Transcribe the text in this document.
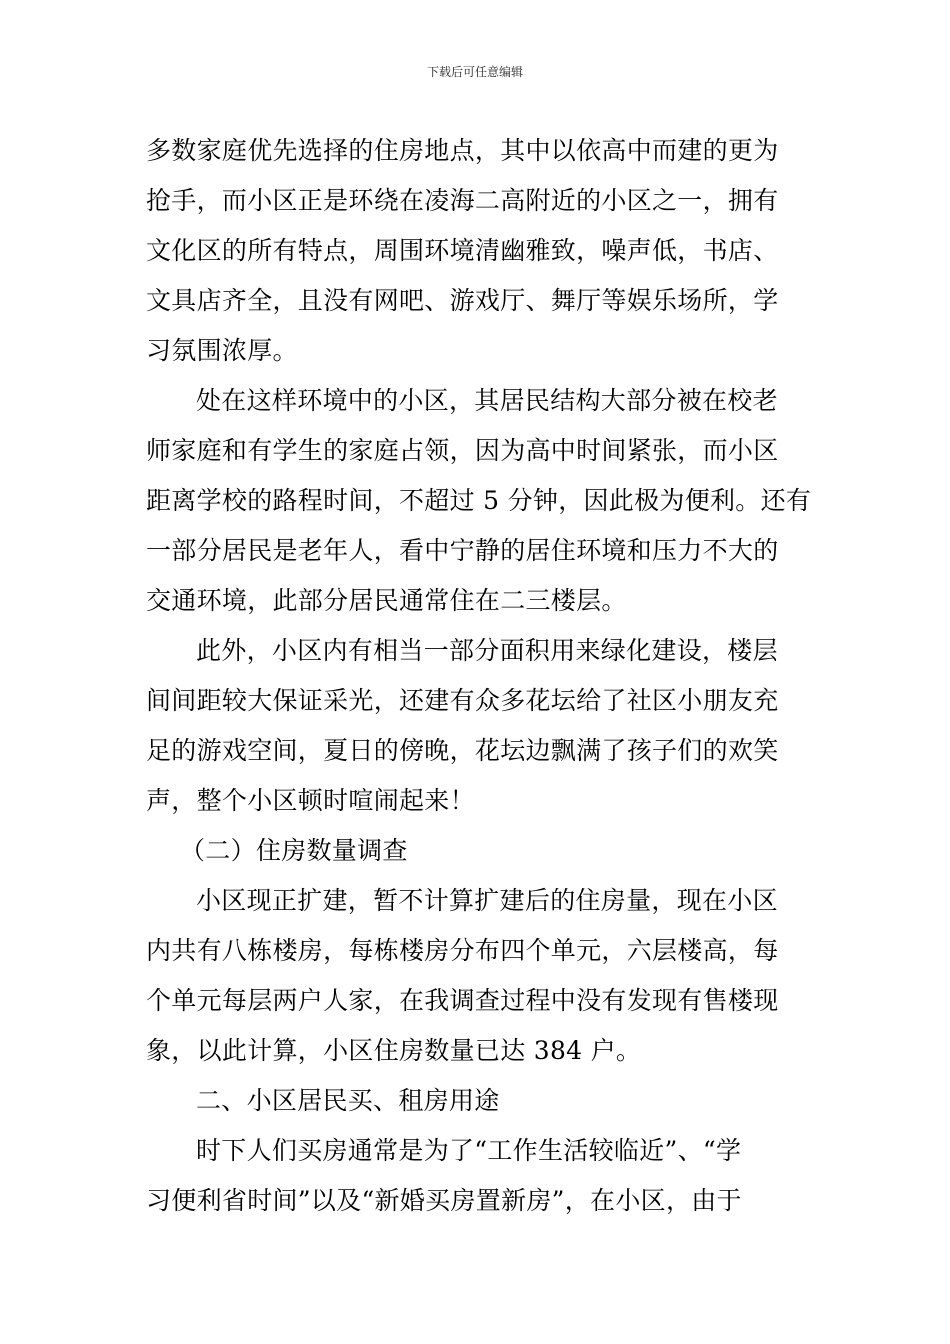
下载后可任意编辑
多数家庭优先选择的住房地点，其中以依高中而建的更为
抢手，而小区正是环绕在凌海二高附近的小区之一，拥有
文化区的所有特点，周围环境清幽雅致，噪声低，书店、
文具店齐全，且没有网吧、游戏厅、舞厅等娱乐场所，学
习氛围浓厚。
处在这样环境中的小区，其居民结构大部分被在校老
师家庭和有学生的家庭占领，因为高中时间紧张，而小区
距离学校的路程时间，不超过 5 分钟，因此极为便利。还有
一部分居民是老年人，看中宁静的居住环境和压力不大的
交通环境，此部分居民通常住在二三楼层。
此外，小区内有相当一部分面积用来绿化建设，楼层
间间距较大保证采光，还建有众多花坛给了社区小朋友充
足的游戏空间，夏日的傍晚，花坛边飘满了孩子们的欢笑
声，整个小区顿时喧闹起来！
（二）住房数量调查
小区现正扩建，暂不计算扩建后的住房量，现在小区
内共有八栋楼房，每栋楼房分布四个单元，六层楼高，每
个单元每层两户人家，在我调查过程中没有发现有售楼现
象，以此计算，小区住房数量已达 384 户。
二、小区居民买、租房用途
时下人们买房通常是为了“工作生活较临近”、“学
习便利省时间”以及“新婚买房置新房”，在小区，由于
